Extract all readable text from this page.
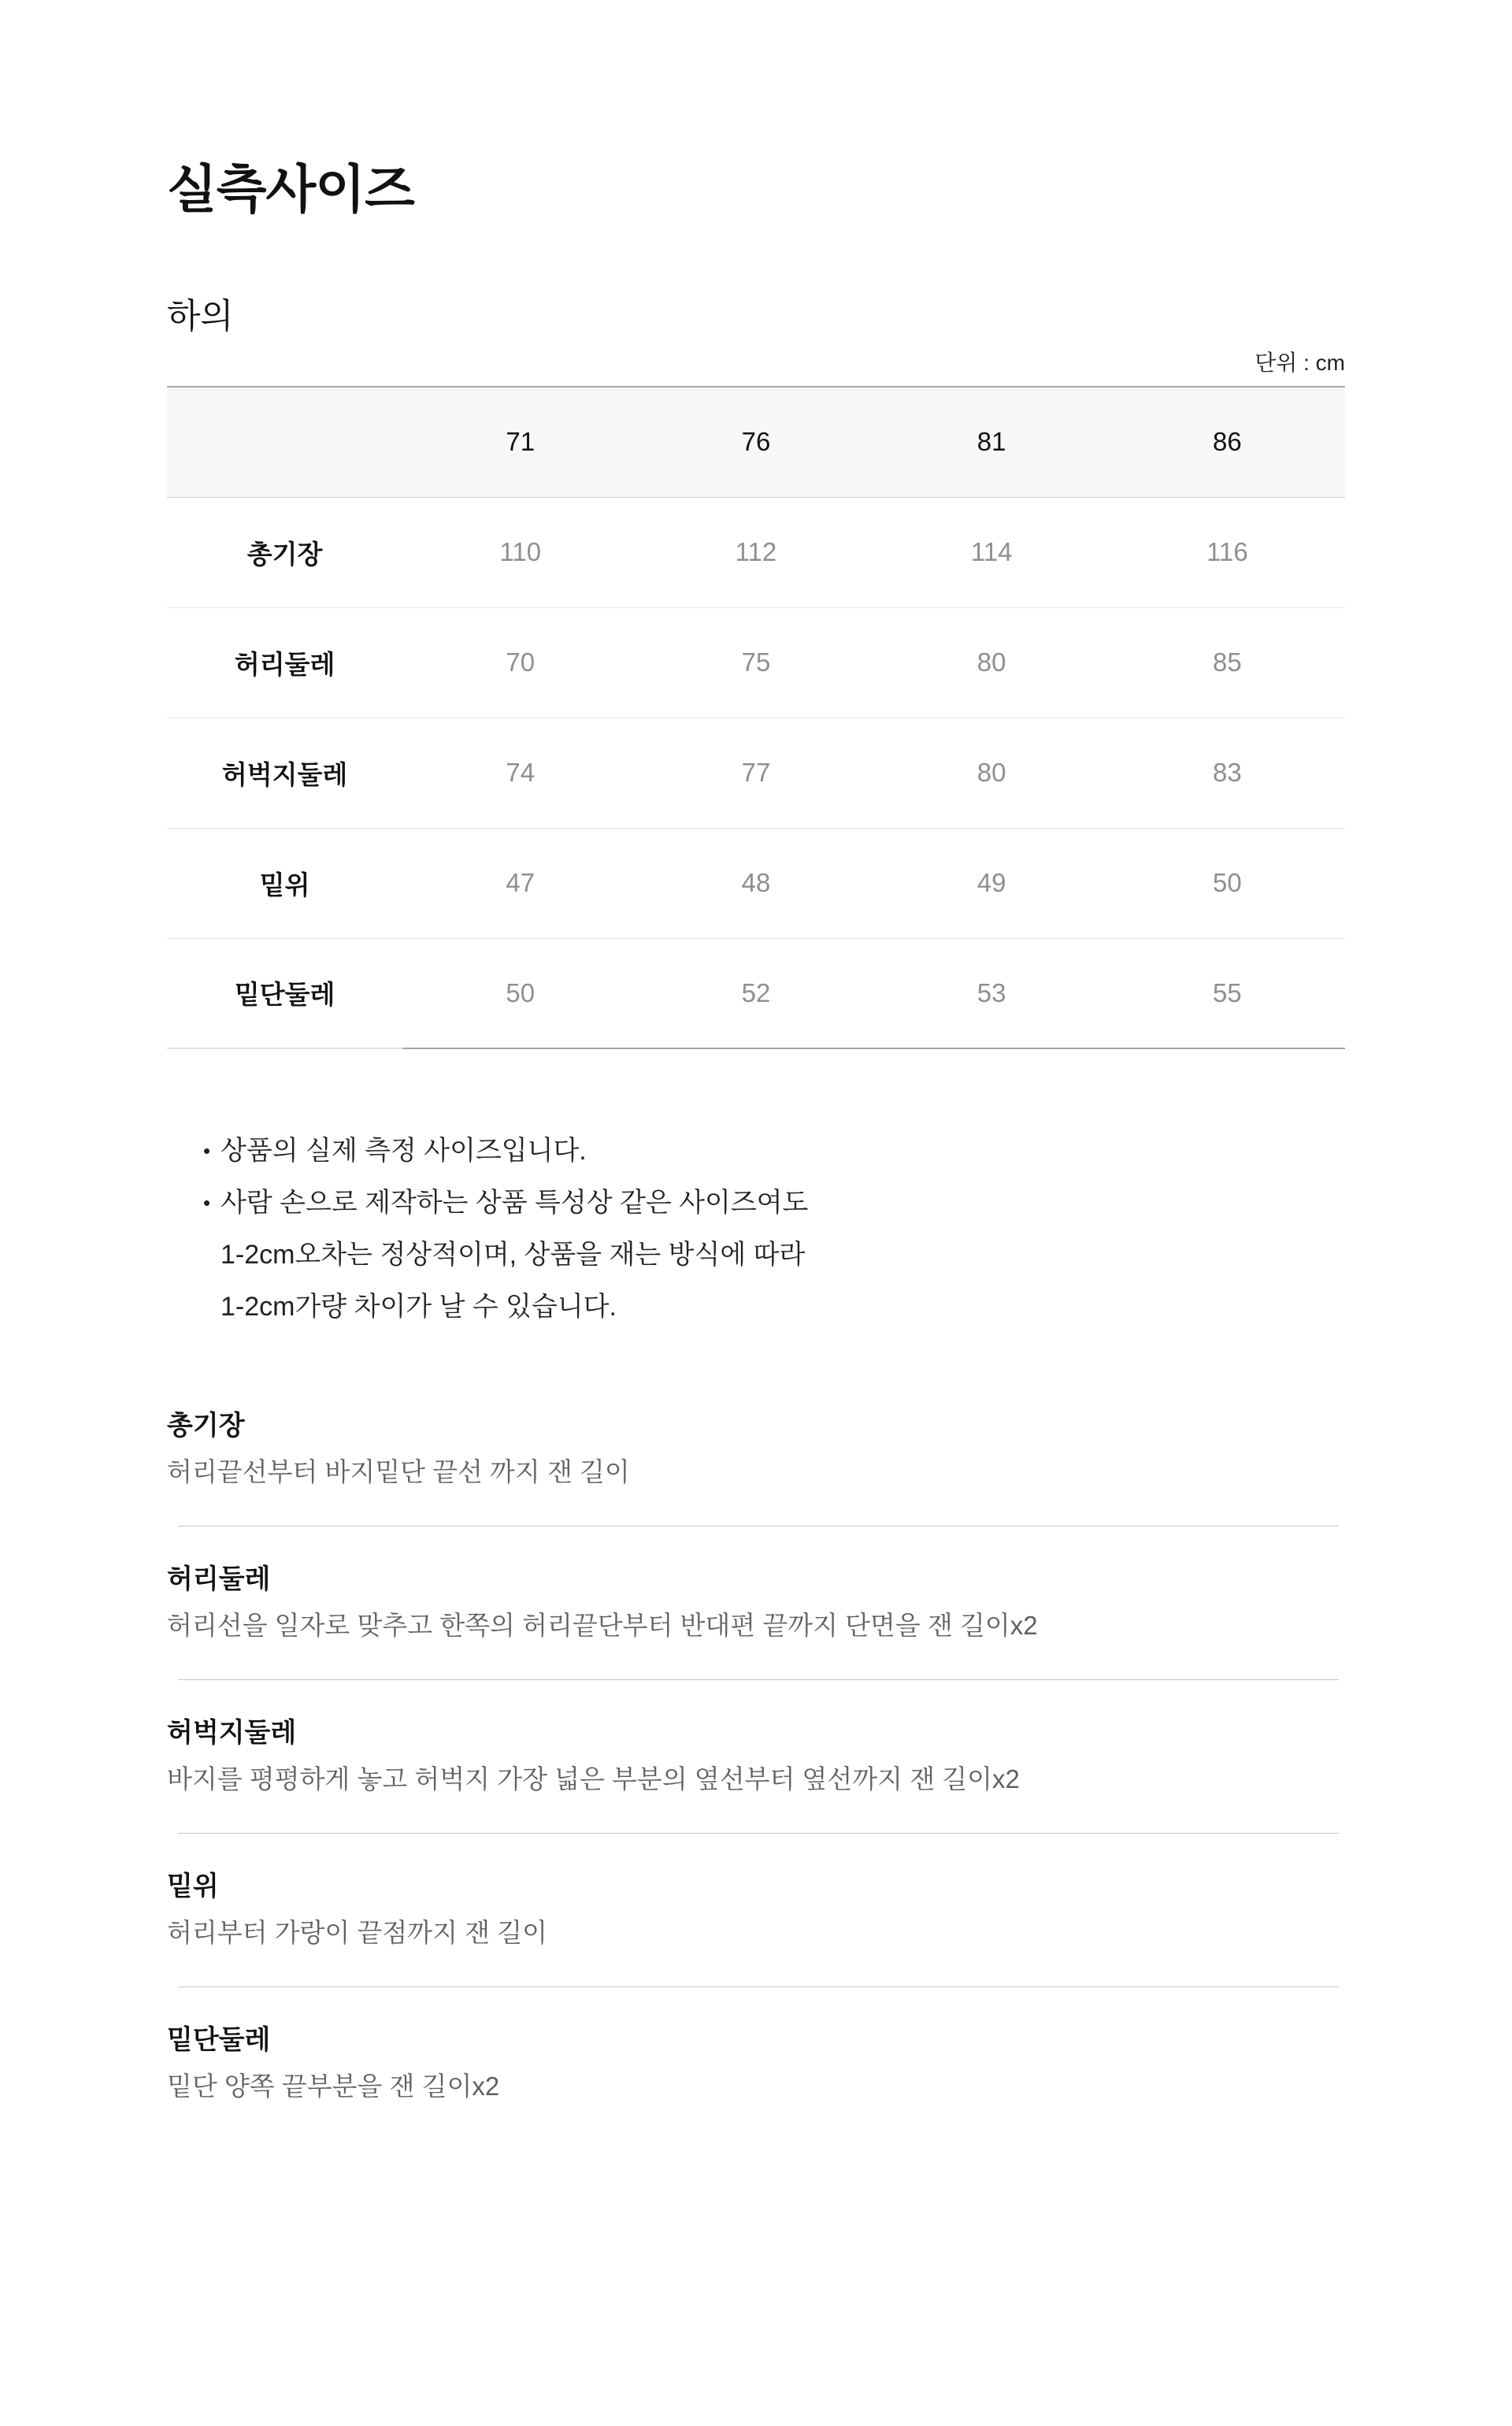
실측사이즈
하의
단위 : cm
	71	76	81	86
총기장	110	112	114	116
허리둘레	70	75	80	85
허벅지둘레	74	77	80	83
밑위	47	48	49	50
밑단둘레	50	52	53	55
• 상품의 실제 측정 사이즈입니다.
• 사람 손으로 제작하는 상품 특성상 같은 사이즈여도
1-2cm오차는 정상적이며, 상품을 재는 방식에 따라
1-2cm가량 차이가 날 수 있습니다.
총기장
허리끝선부터 바지밑단 끝선 까지 잰 길이
허리둘레
허리선을 일자로 맞추고 한쪽의 허리끝단부터 반대편 끝까지 단면을 잰 길이x2
허벅지둘레
바지를 평평하게 놓고 허벅지 가장 넓은 부분의 옆선부터 옆선까지 잰 길이x2
밑위
허리부터 가랑이 끝점까지 잰 길이
밑단둘레
밑단 양쪽 끝부분을 잰 길이x2
